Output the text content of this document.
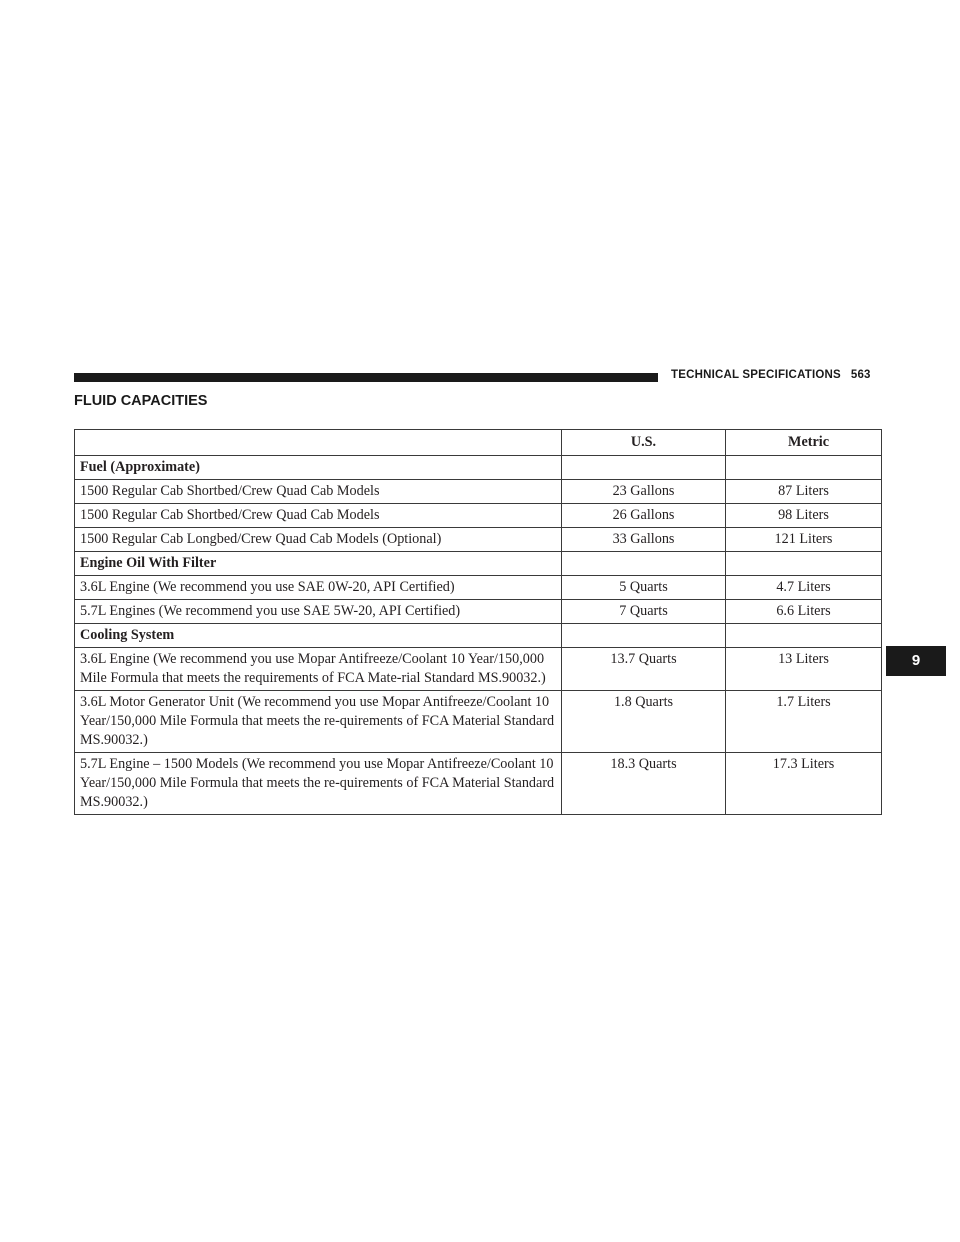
TECHNICAL SPECIFICATIONS 563
FLUID CAPACITIES
9
	U.S.	Metric
Fuel (Approximate)		
1500 Regular Cab Shortbed/Crew Quad Cab Models	23 Gallons	87 Liters
1500 Regular Cab Shortbed/Crew Quad Cab Models	26 Gallons	98 Liters
1500 Regular Cab Longbed/Crew Quad Cab Models (Optional)	33 Gallons	121 Liters
Engine Oil With Filter		
3.6L Engine (We recommend you use SAE 0W-20, API Certified)	5 Quarts	4.7 Liters
5.7L Engines (We recommend you use SAE 5W-20, API Certified)	7 Quarts	6.6 Liters
Cooling System		
3.6L Engine (We recommend you use Mopar Antifreeze/Coolant 10 Year/150,000 Mile Formula that meets the requirements of FCA Mate-rial Standard MS.90032.)	13.7 Quarts	13 Liters
3.6L Motor Generator Unit (We recommend you use Mopar Antifreeze/Coolant 10 Year/150,000 Mile Formula that meets the re-quirements of FCA Material Standard MS.90032.)	1.8 Quarts	1.7 Liters
5.7L Engine – 1500 Models (We recommend you use Mopar Antifreeze/Coolant 10 Year/150,000 Mile Formula that meets the re-quirements of FCA Material Standard MS.90032.)	18.3 Quarts	17.3 Liters
